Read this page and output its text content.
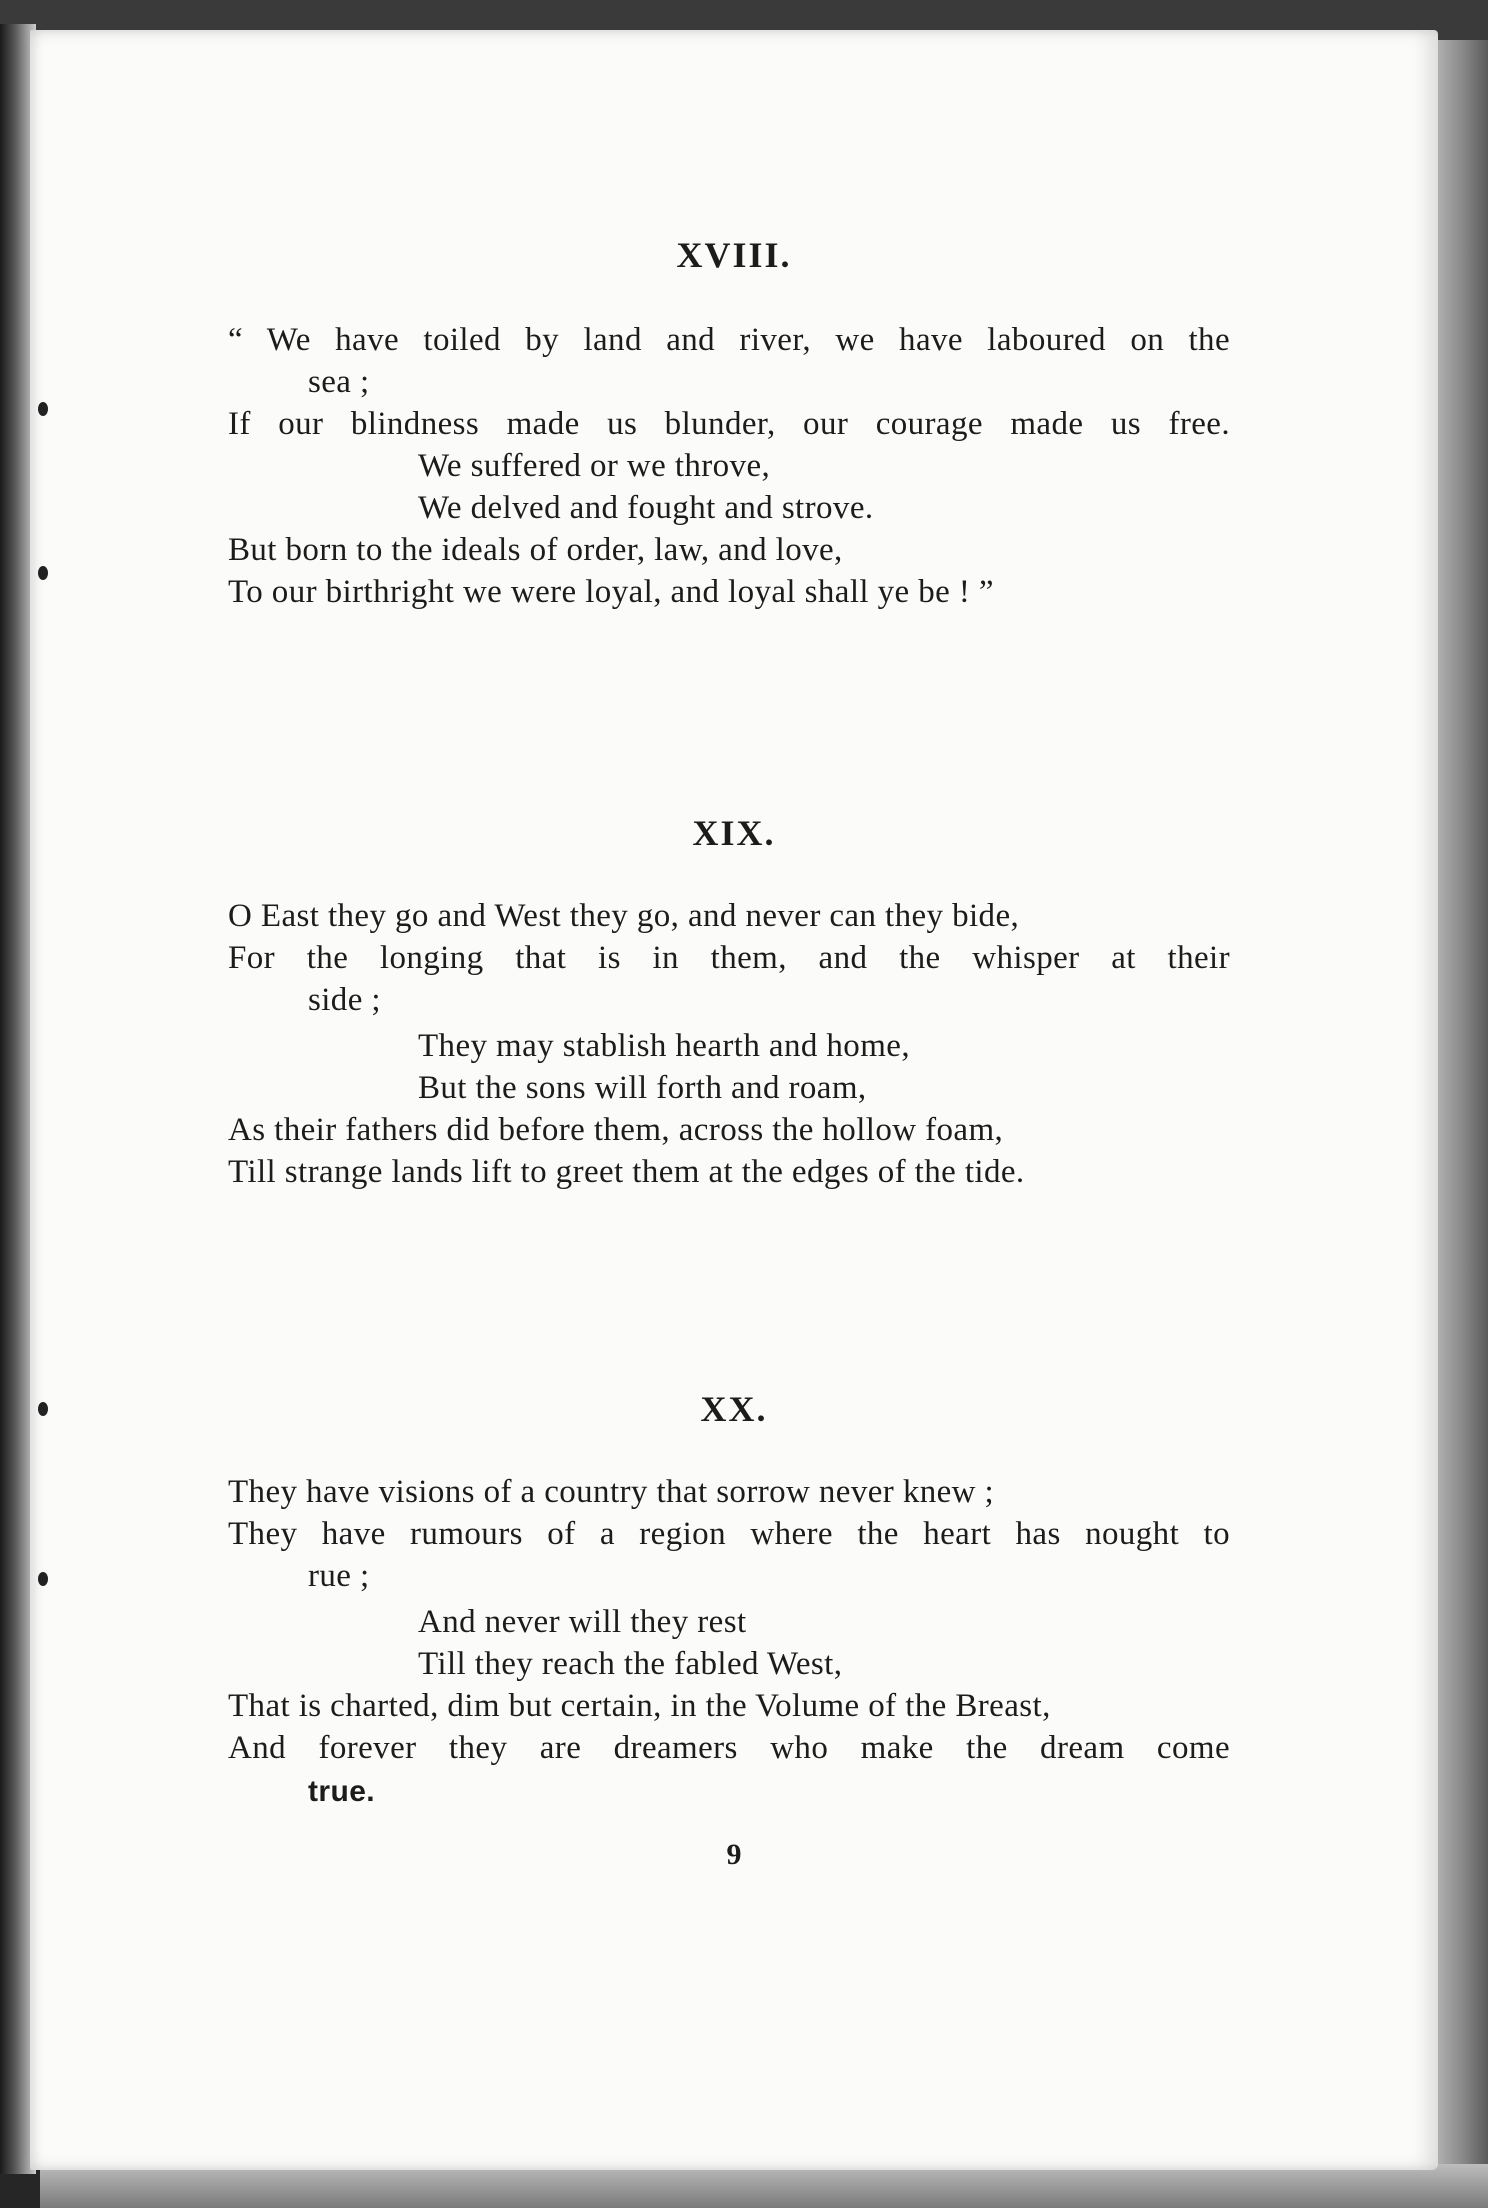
XVIII.
“ We have toiled by land and river, we have laboured on the
sea ;
If our blindness made us blunder, our courage made us free.
We suffered or we throve,
We delved and fought and strove.
But born to the ideals of order, law, and love,
To our birthright we were loyal, and loyal shall ye be ! ”
XIX.
O East they go and West they go, and never can they bide,
For the longing that is in them, and the whisper at their
side ;
They may stablish hearth and home,
But the sons will forth and roam,
As their fathers did before them, across the hollow foam,
Till strange lands lift to greet them at the edges of the tide.
XX.
They have visions of a country that sorrow never knew ;
They have rumours of a region where the heart has nought to
rue ;
And never will they rest
Till they reach the fabled West,
That is charted, dim but certain, in the Volume of the Breast,
And forever they are dreamers who make the dream come
true.
9
